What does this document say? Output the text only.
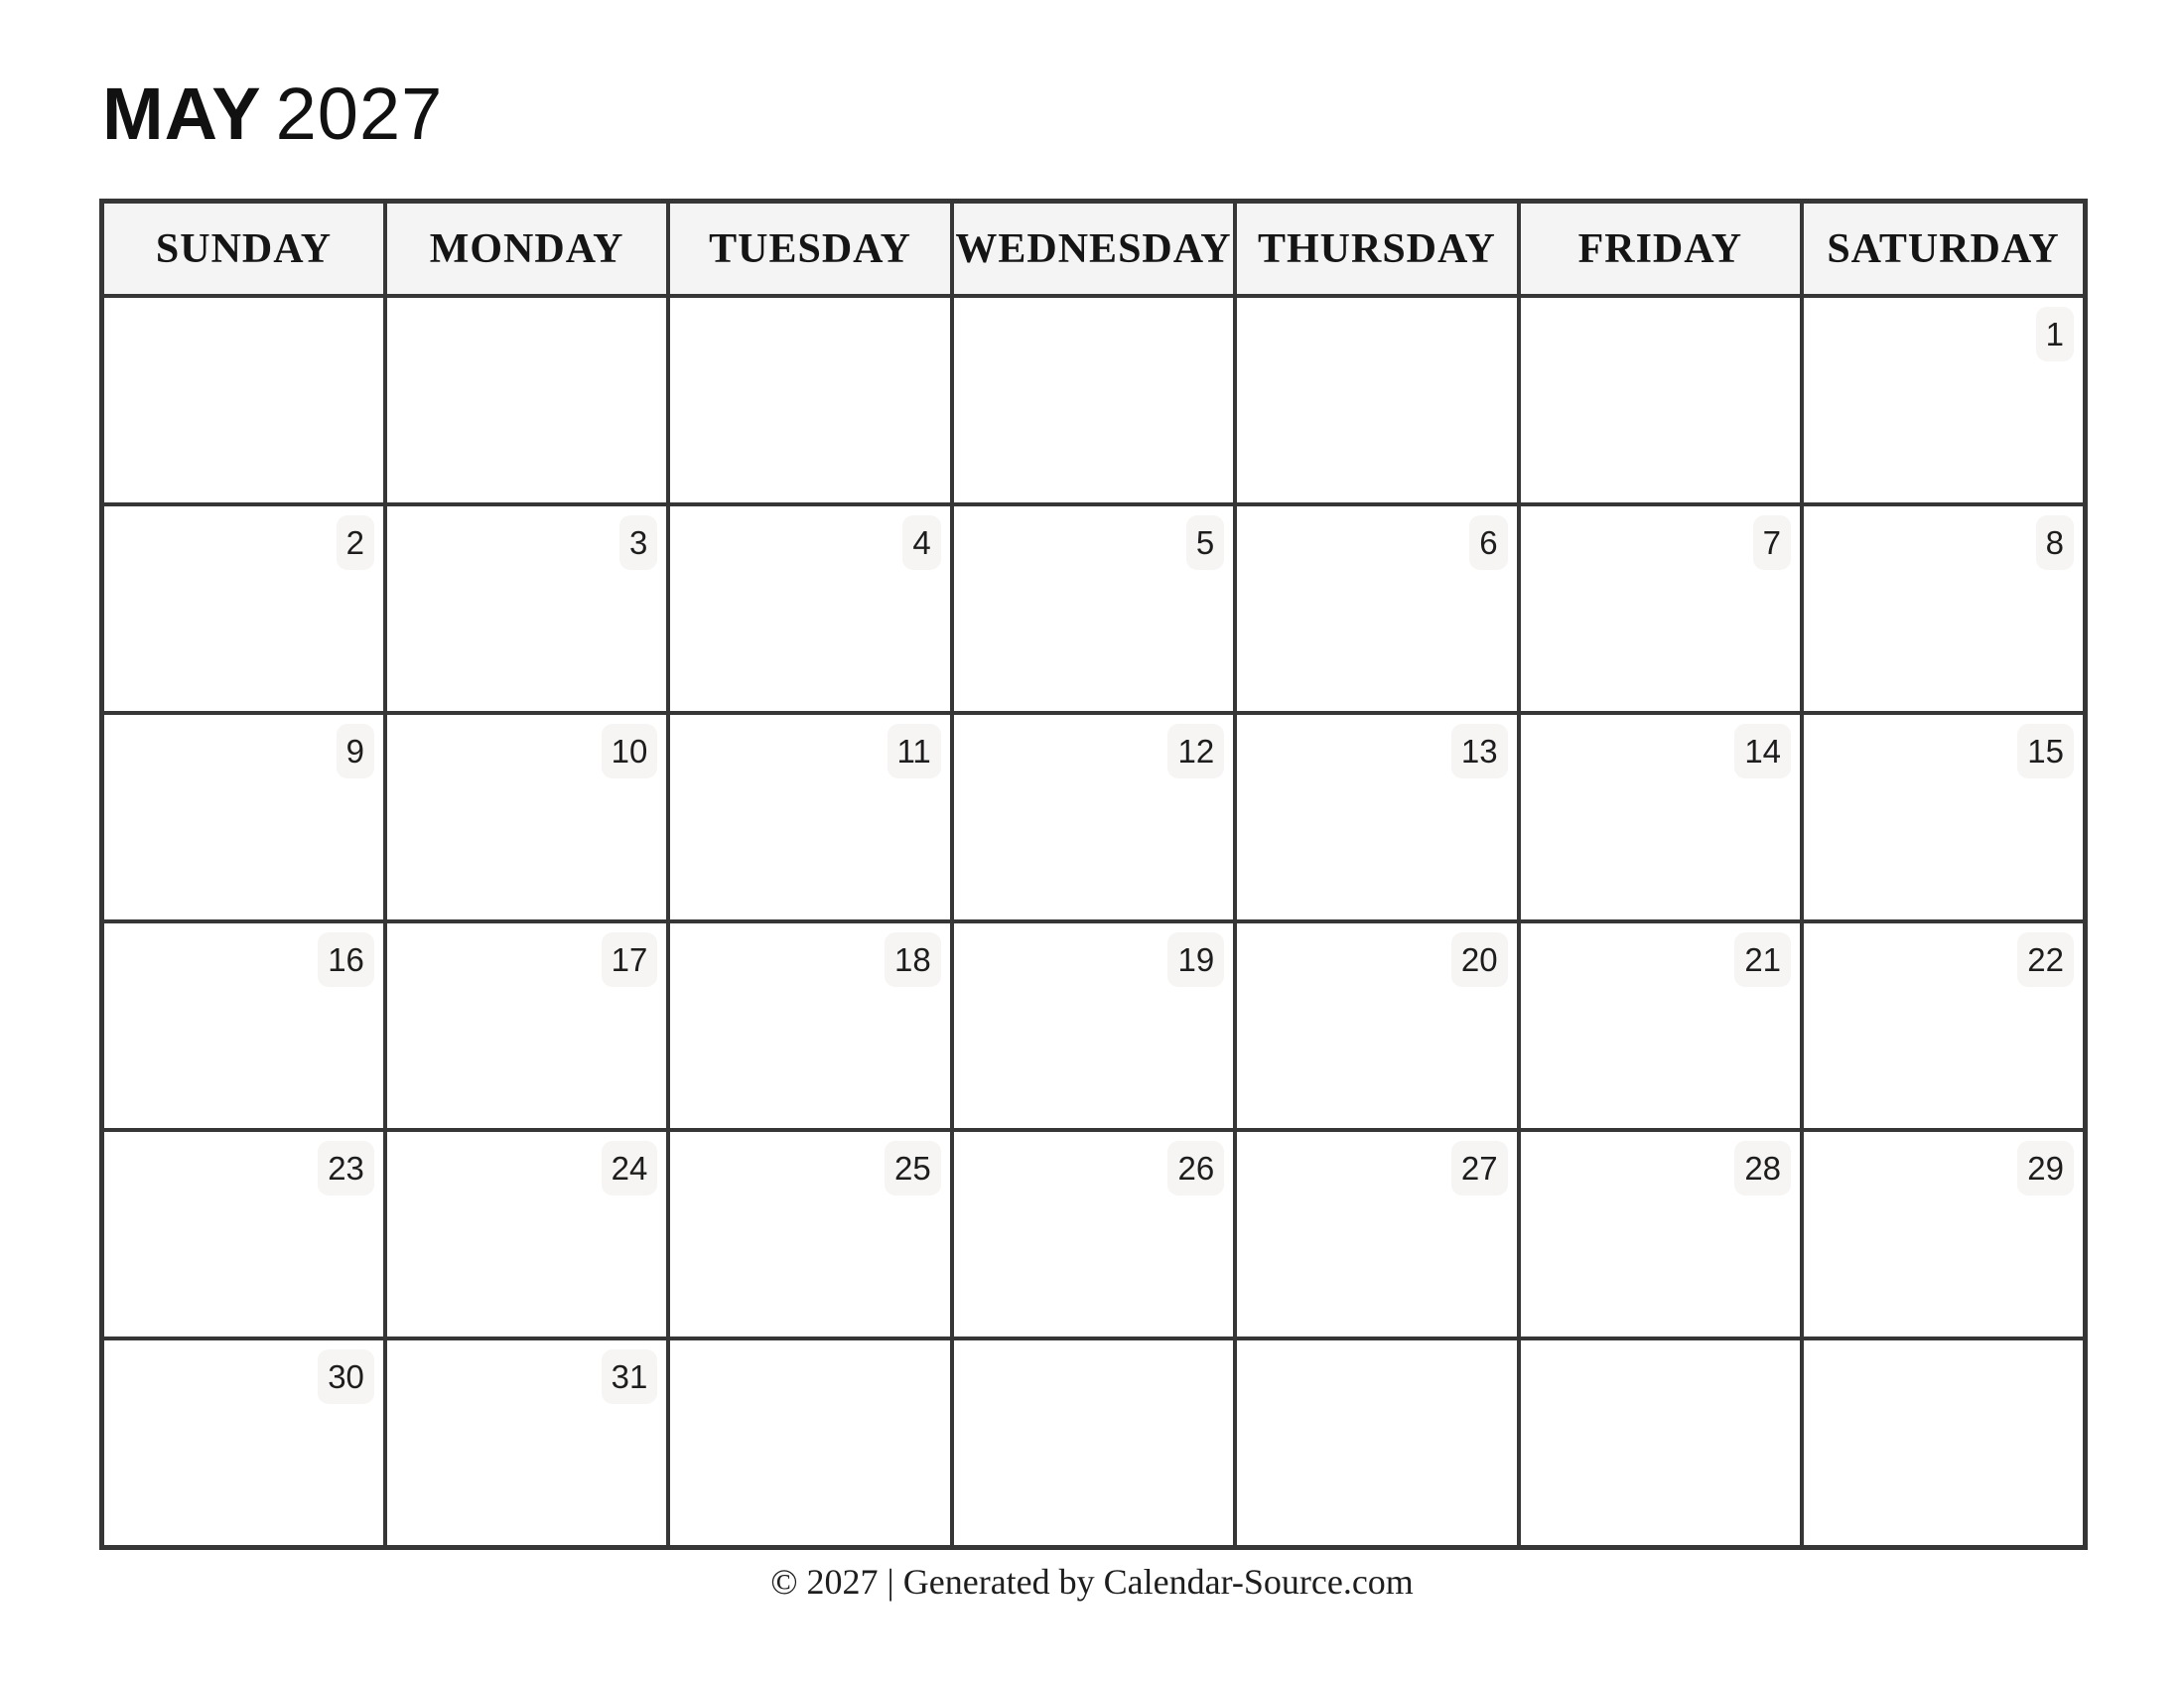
MAY 2027
SUNDAY	MONDAY	TUESDAY	WEDNESDAY	THURSDAY	FRIDAY	SATURDAY
						1
2	3	4	5	6	7	8
9	10	11	12	13	14	15
16	17	18	19	20	21	22
23	24	25	26	27	28	29
30	31					
© 2027 | Generated by Calendar-Source.com
